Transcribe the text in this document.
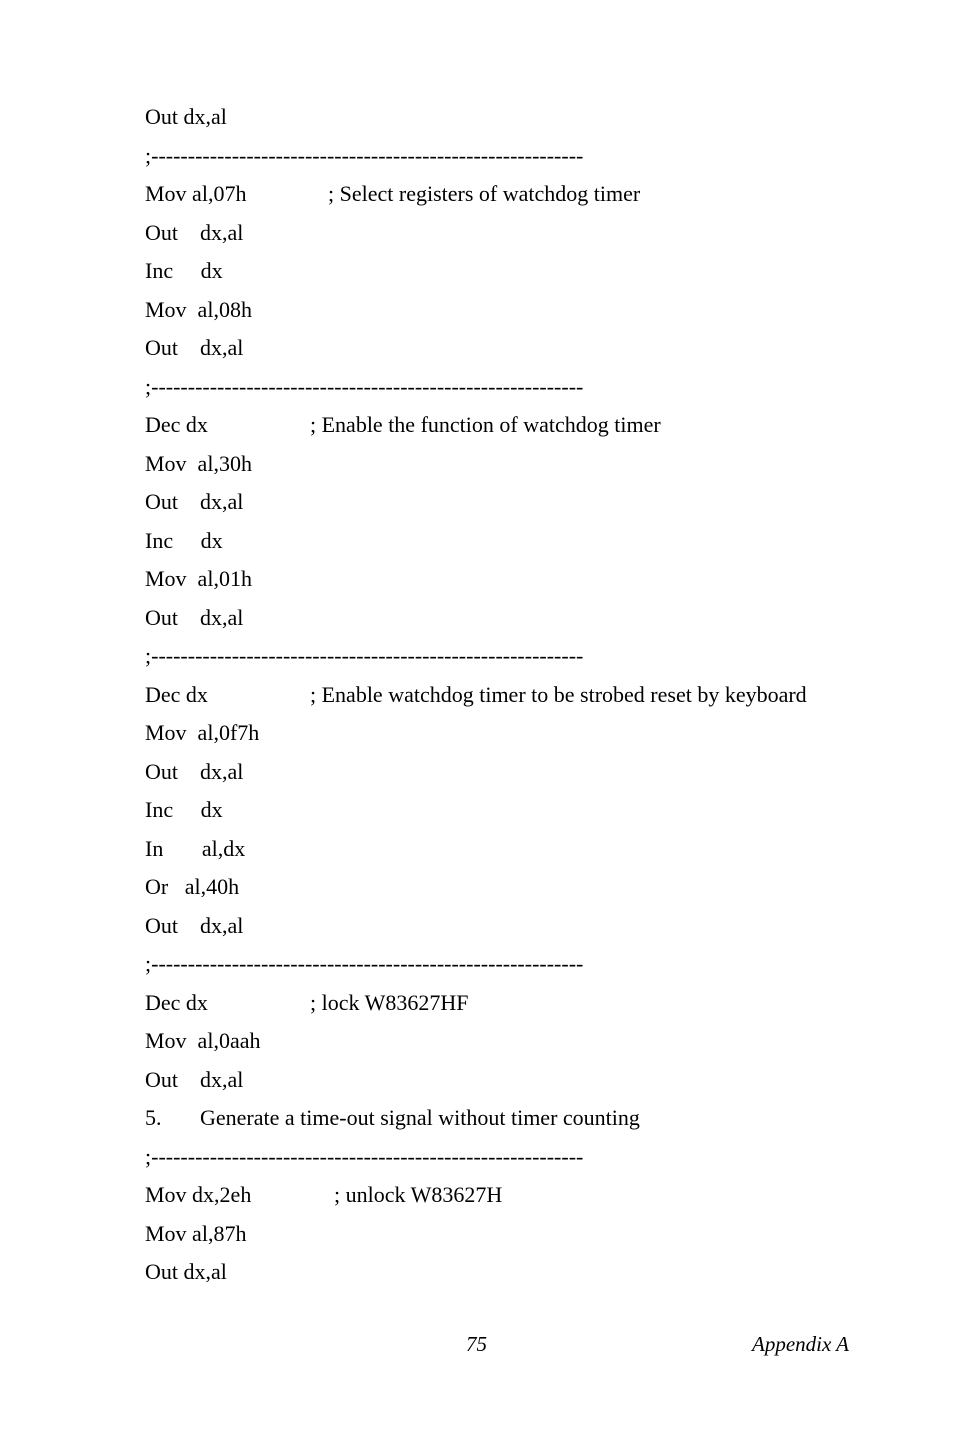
Out dx,al
;-----------------------------------------------------------
Mov al,07h	; Select registers of watchdog timer
Out    dx,al
Inc     dx
Mov  al,08h
Out    dx,al
;-----------------------------------------------------------
Dec dx	; Enable the function of watchdog timer
Mov  al,30h
Out    dx,al
Inc     dx
Mov  al,01h
Out    dx,al
;-----------------------------------------------------------
Dec dx	; Enable watchdog timer to be strobed reset by keyboard
Mov  al,0f7h
Out    dx,al
Inc     dx
In       al,dx
Or   al,40h
Out    dx,al
;-----------------------------------------------------------
Dec dx	; lock W83627HF
Mov  al,0aah
Out    dx,al
5.       Generate a time-out signal without timer counting
;-----------------------------------------------------------
Mov dx,2eh	; unlock W83627H
Mov al,87h
Out dx,al
75	Appendix A
